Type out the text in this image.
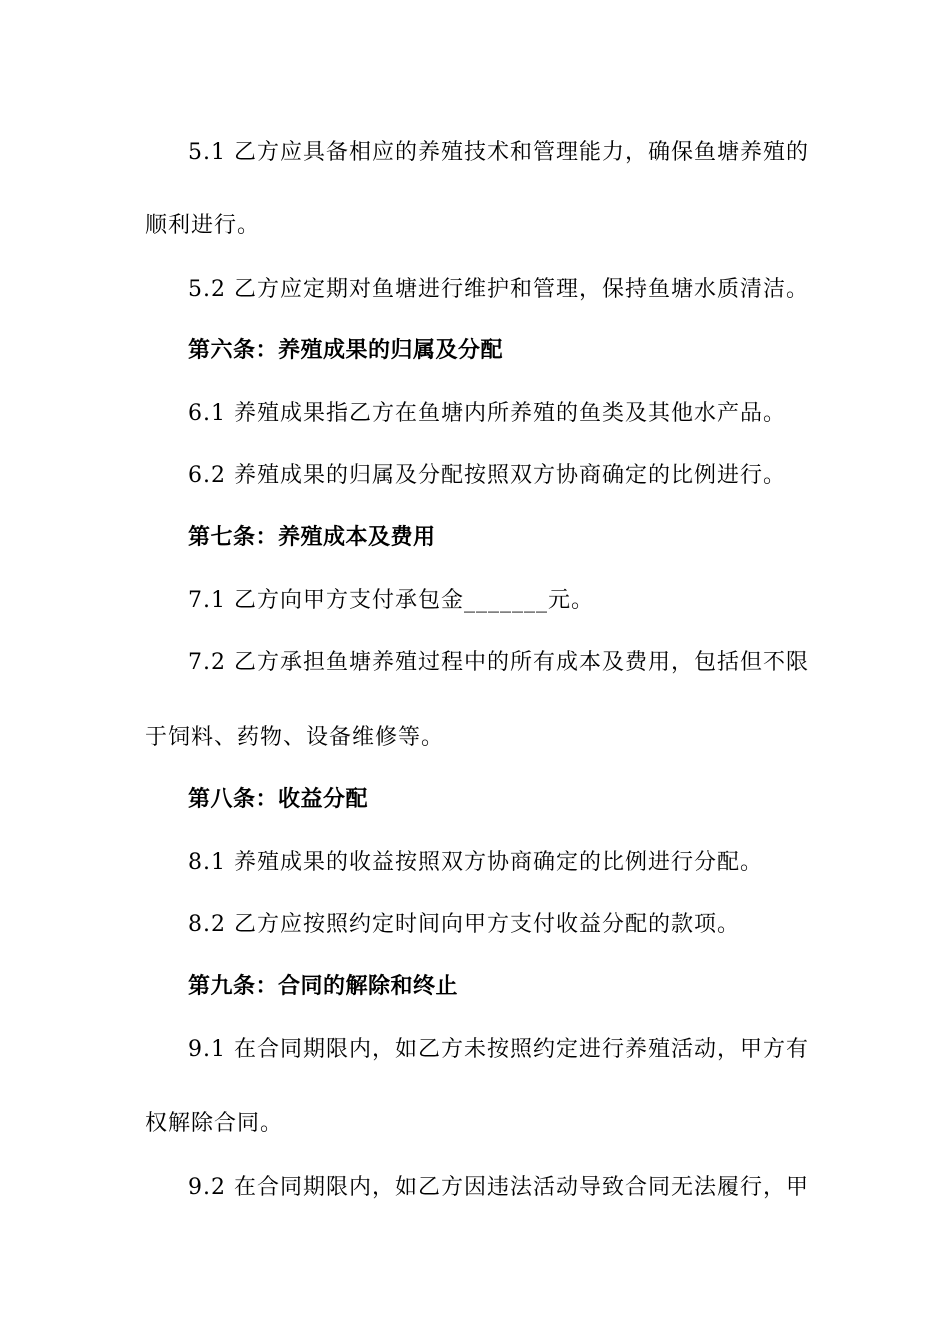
5.1 乙方应具备相应的养殖技术和管理能力，确保鱼塘养殖的
顺利进行。
5.2 乙方应定期对鱼塘进行维护和管理，保持鱼塘水质清洁。
第六条：养殖成果的归属及分配
6.1 养殖成果指乙方在鱼塘内所养殖的鱼类及其他水产品。
6.2 养殖成果的归属及分配按照双方协商确定的比例进行。
第七条：养殖成本及费用
7.1 乙方向甲方支付承包金_______元。
7.2 乙方承担鱼塘养殖过程中的所有成本及费用，包括但不限
于饲料、药物、设备维修等。
第八条：收益分配
8.1 养殖成果的收益按照双方协商确定的比例进行分配。
8.2 乙方应按照约定时间向甲方支付收益分配的款项。
第九条：合同的解除和终止
9.1 在合同期限内，如乙方未按照约定进行养殖活动，甲方有
权解除合同。
9.2 在合同期限内，如乙方因违法活动导致合同无法履行，甲
